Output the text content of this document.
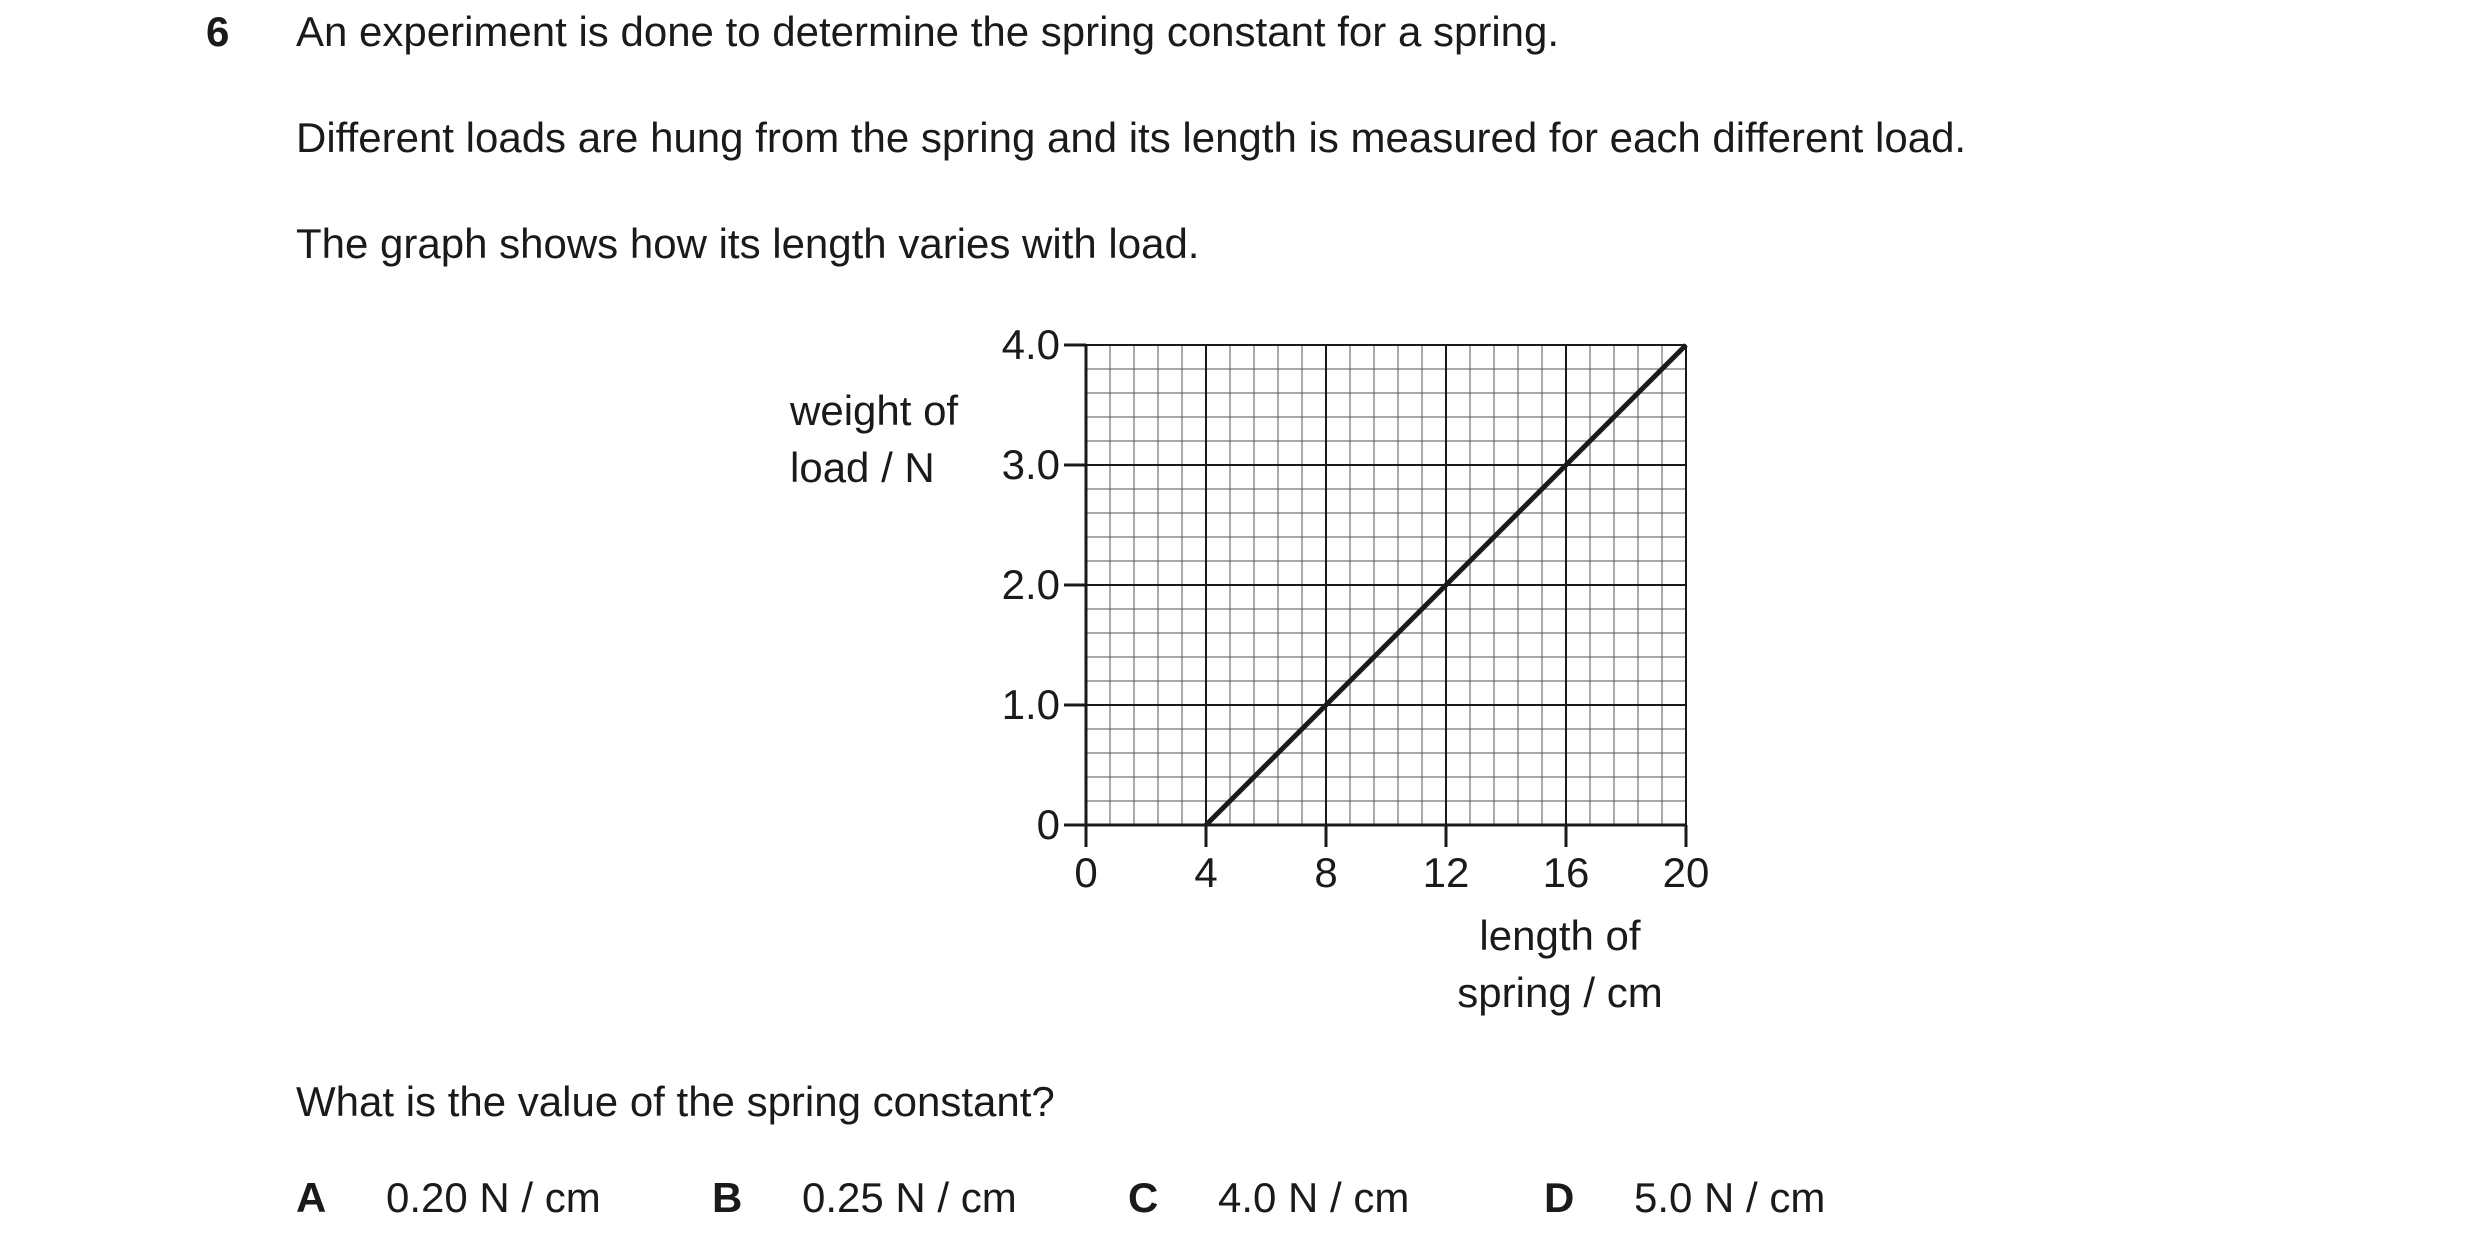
6 An experiment is done to determine the spring constant for a spring.
Different loads are hung from the spring and its length is measured for each different load.
The graph shows how its length varies with load.
weight of
load / N
length of
spring / cm
0
1.0
2.0
3.0
4.0
0 4 8 12 16 20
What is the value of the spring constant?
A 0.20 N / cm	B 0.25 N / cm	C 4.0 N / cm	D 5.0 N / cm
